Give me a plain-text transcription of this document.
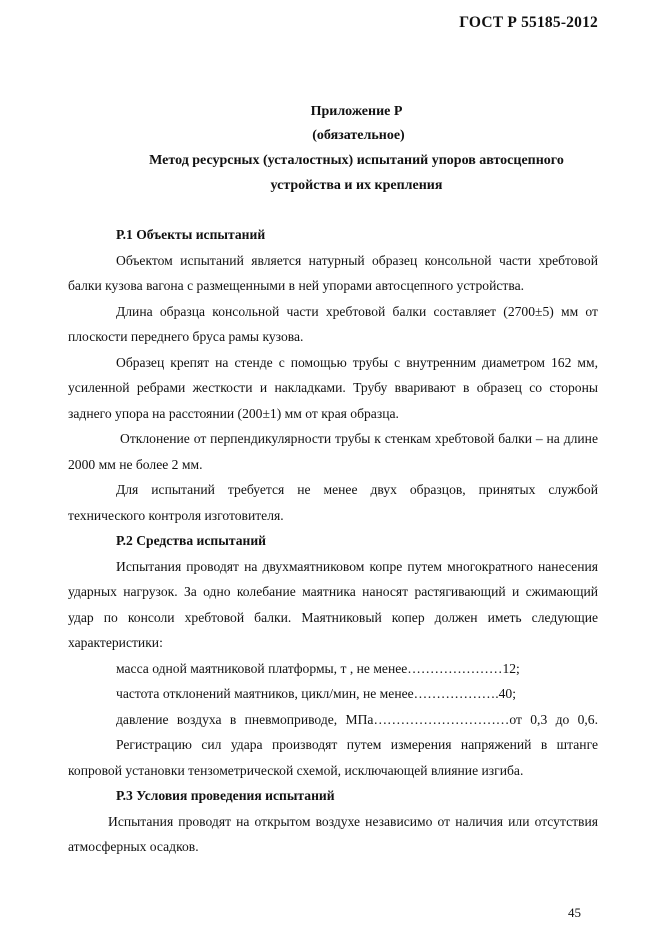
ГОСТ Р 55185-2012
Приложение Р
(обязательное)
Метод ресурсных (усталостных) испытаний упоров автосцепного
устройства и их крепления

Р.1 Объекты испытаний

Объектом испытаний является натурный образец консольной части хребтовой балки кузова вагона с размещенными в ней упорами автосцепного устройства.

Длина образца консольной части хребтовой балки составляет (2700±5) мм от плоскости переднего бруса рамы кузова.

Образец крепят на стенде с помощью трубы с внутренним диаметром 162 мм, усиленной ребрами жесткости и накладками. Трубу вваривают в образец со стороны заднего упора на расстоянии (200±1) мм от края образца.

Отклонение от перпендикулярности трубы к стенкам хребтовой балки – на длине 2000 мм не более 2 мм.

Для испытаний требуется не менее двух образцов, принятых службой технического контроля изготовителя.

Р.2 Средства испытаний

Испытания проводят на двухмаятниковом копре путем многократного нанесения ударных нагрузок. За одно колебание маятника наносят растягивающий и сжимающий удар по консоли хребтовой балки. Маятниковый копер должен иметь следующие характеристики:

масса одной маятниковой платформы, т , не менее…………………12;

частота отклонений маятников, цикл/мин, не менее……………….40;

давление воздуха в пневмоприводе, МПа…………………………от 0,3 до 0,6.

Регистрацию сил удара производят путем измерения напряжений в штанге копровой установки тензометрической схемой, исключающей влияние изгиба.

Р.3 Условия проведения испытаний

Испытания проводят на открытом воздухе независимо от наличия или отсутствия атмосферных осадков.

45
